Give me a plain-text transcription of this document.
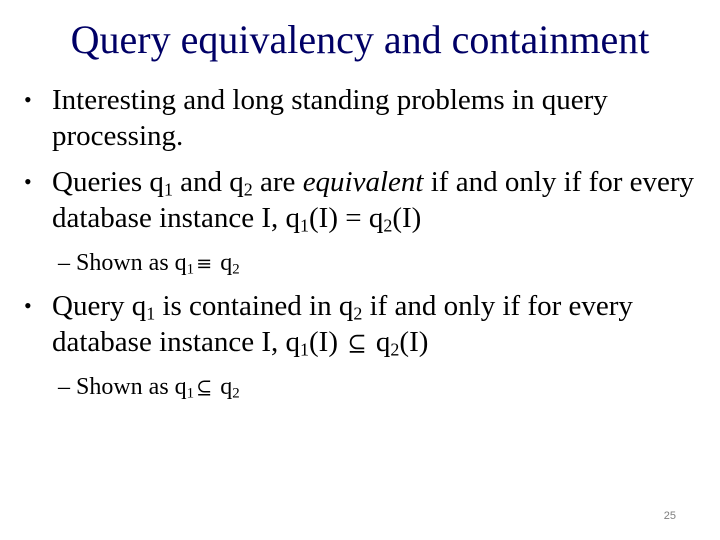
Query equivalency and containment
• Interesting and long standing problems in query processing.
• Queries $q_1$ and $q_2$ are equivalent if and only if for every database instance I, $q_1(I) = q_2(I)$
– Shown as $q_1 \equiv q_2$
• Query $q_1$ is contained in $q_2$ if and only if for every database instance I, $q_1(I)$ ⊆ $q_2(I)$
– Shown as $q_1$ ⊆ $q_2$
25
